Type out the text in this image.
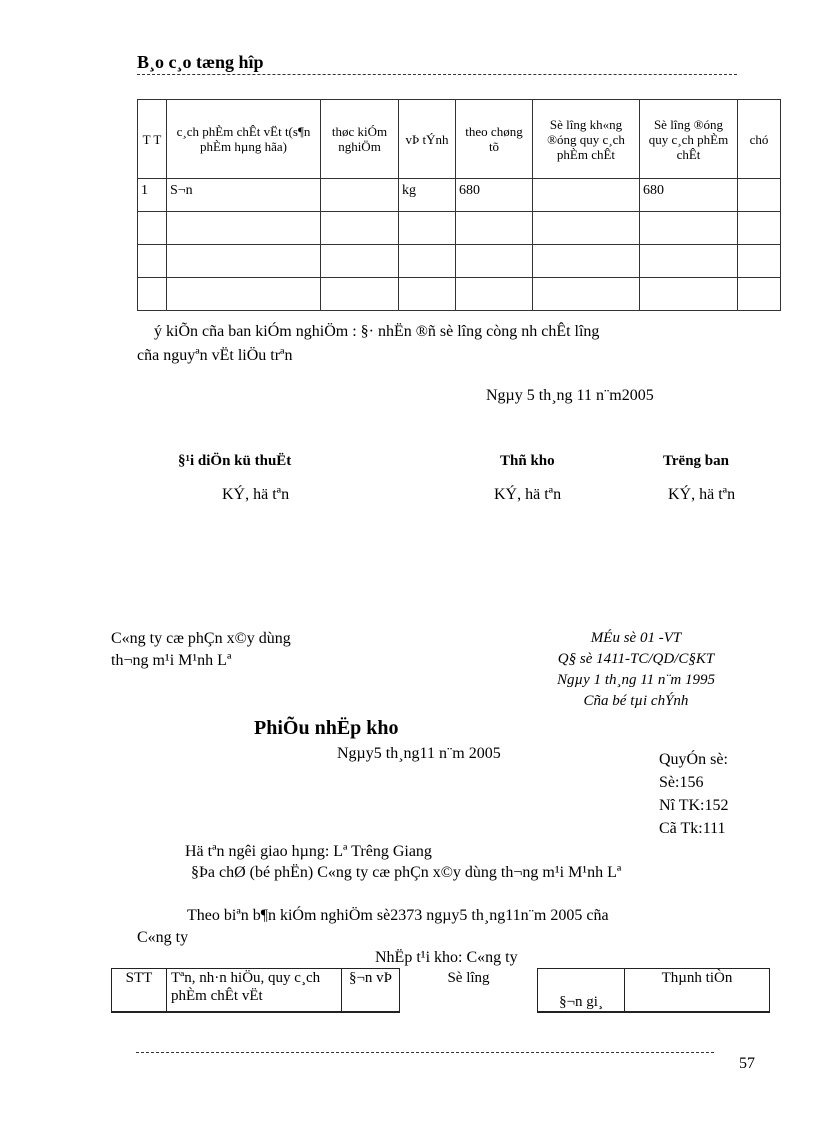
B¸o c¸o tæng hîp
T T	c¸ch phÈm chÊt vËt t(s¶n phÈm hµng hãa)	thøc kiÓm nghiÖm	vÞ tÝnh	theo chøng tõ	Sè lîng kh«ng ®óng quy c¸ch phÈm chÊt	Sè lîng ®óng quy c¸ch phÈm chÊt	chó
1	S¬n		kg	680		680	

ý kiÕn cña ban kiÓm nghiÖm : §· nhËn ®ñ sè lîng còng nh chÊt lîng
cña nguyªn vËt liÖu trªn
Ngµy 5 th¸ng 11 n¨m2005
§¹i diÖn kü thuËt
KÝ, hä tªn
Thñ kho
KÝ, hä tªn
Trëng ban
KÝ, hä tªn
C«ng ty cæ phÇn x©y dùng
th¬ng m¹i M¹nh Lª
MÉu sè 01 -VT
Q§ sè 1411-TC/QD/C§KT
Ngµy 1 th¸ng 11 n¨m 1995
Cña bé tµi chÝnh
PhiÕu nhËp kho
Ngµy5 th¸ng11 n¨m 2005	QuyÓn sè:
Sè:156
Nî TK:152
Cã Tk:111
Hä tªn ngêi giao hµng: Lª Trêng Giang
§Þa chØ (bé phËn) C«ng ty cæ phÇn x©y dùng th¬ng m¹i M¹nh Lª
Theo biªn b¶n kiÓm nghiÖm sè2373 ngµy5 th¸ng11n¨m 2005 cña
C«ng ty
NhËp t¹i kho: C«ng ty
STT	Tªn, nh·n hiÖu, quy c¸ch phÈm chÊt vËt	§¬n vÞ	Sè lîng	§¬n gi¸	Thµnh tiÒn
57
